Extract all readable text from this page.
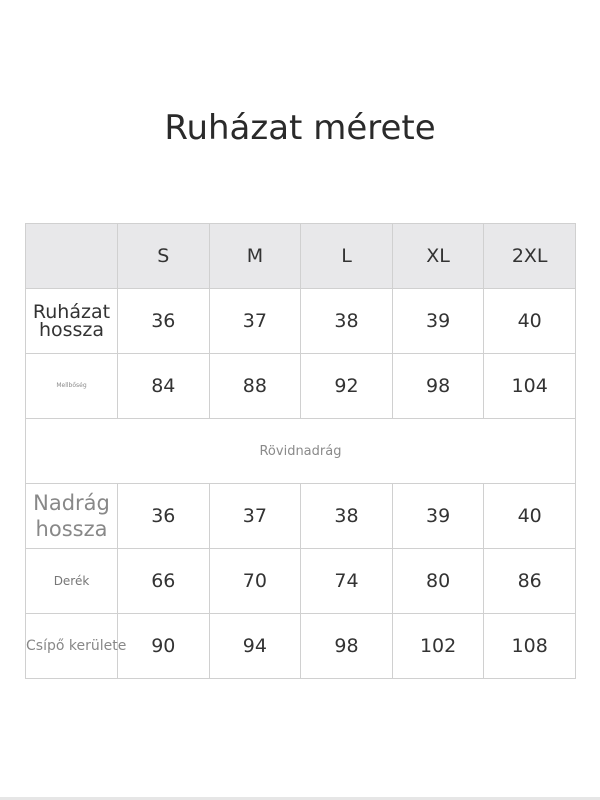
Ruházat mérete
	S	M	L	XL	2XL
Ruházat hossza	36	37	38	39	40
Mellbőség	84	88	92	98	104
Rövidnadrág					
Nadrág hossza	36	37	38	39	40
Derék	66	70	74	80	86
Csípő kerülete	90	94	98	102	108
